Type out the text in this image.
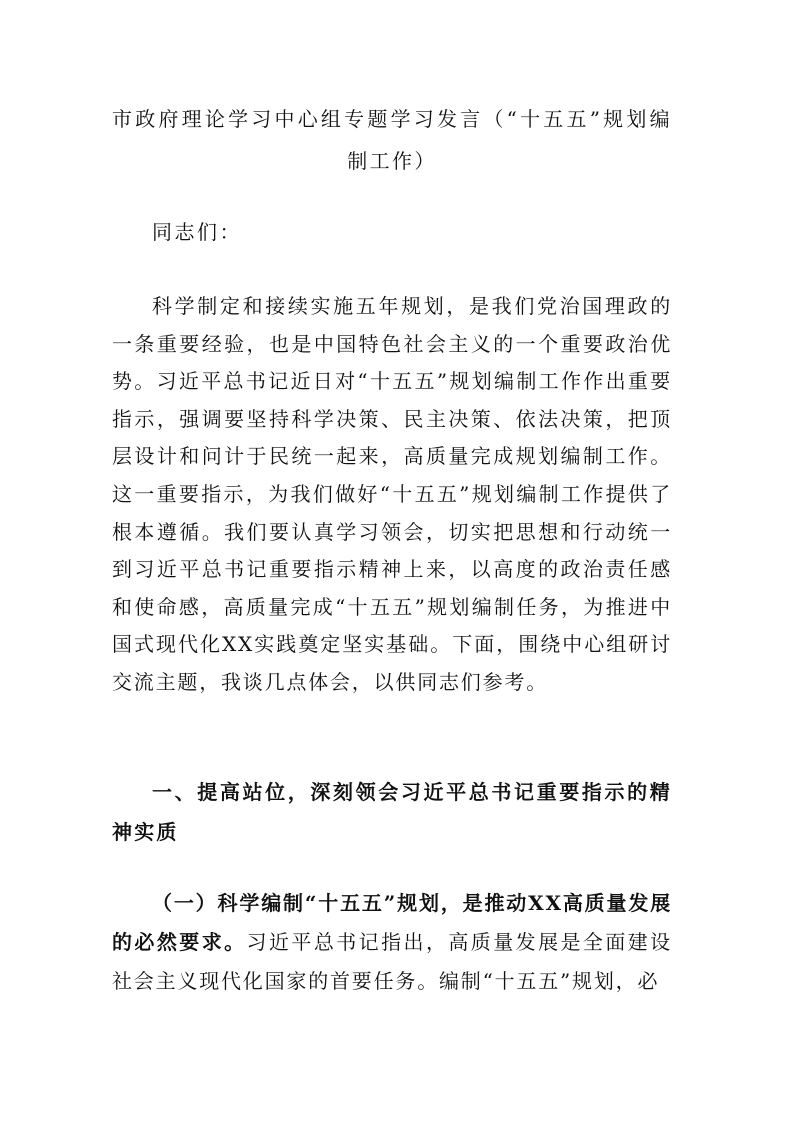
市政府理论学习中心组专题学习发言（“十五五”规划编制工作）

同志们：

科学制定和接续实施五年规划，是我们党治国理政的一条重要经验，也是中国特色社会主义的一个重要政治优势。习近平总书记近日对“十五五”规划编制工作作出重要指示，强调要坚持科学决策、民主决策、依法决策，把顶层设计和问计于民统一起来，高质量完成规划编制工作。这一重要指示，为我们做好“十五五”规划编制工作提供了根本遵循。我们要认真学习领会，切实把思想和行动统一到习近平总书记重要指示精神上来，以高度的政治责任感和使命感，高质量完成“十五五”规划编制任务，为推进中国式现代化XX实践奠定坚实基础。下面，围绕中心组研讨交流主题，我谈几点体会，以供同志们参考。

一、提高站位，深刻领会习近平总书记重要指示的精神实质

（一）科学编制“十五五”规划，是推动XX高质量发展的必然要求。习近平总书记指出，高质量发展是全面建设社会主义现代化国家的首要任务。编制“十五五”规划，必
